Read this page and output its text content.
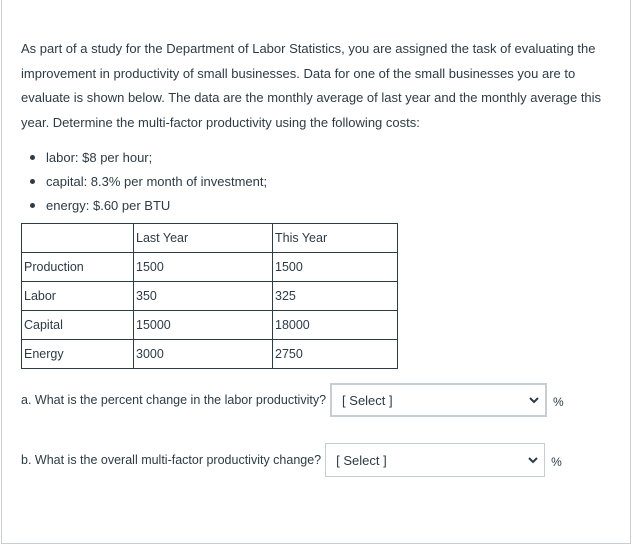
As part of a study for the Department of Labor Statistics, you are assigned the task of evaluating the improvement in productivity of small businesses. Data for one of the small businesses you are to evaluate is shown below. The data are the monthly average of last year and the monthly average this year. Determine the multi-factor productivity using the following costs:

labor: $8 per hour;
capital: 8.3% per month of investment;
energy: $.60 per BTU
	Last Year	This Year
Production	1500	1500
Labor	350	325
Capital	15000	18000
Energy	3000	2750
a. What is the percent change in the labor productivity? [ Select ]	%
b. What is the overall multi-factor productivity change? [ Select ]	%
